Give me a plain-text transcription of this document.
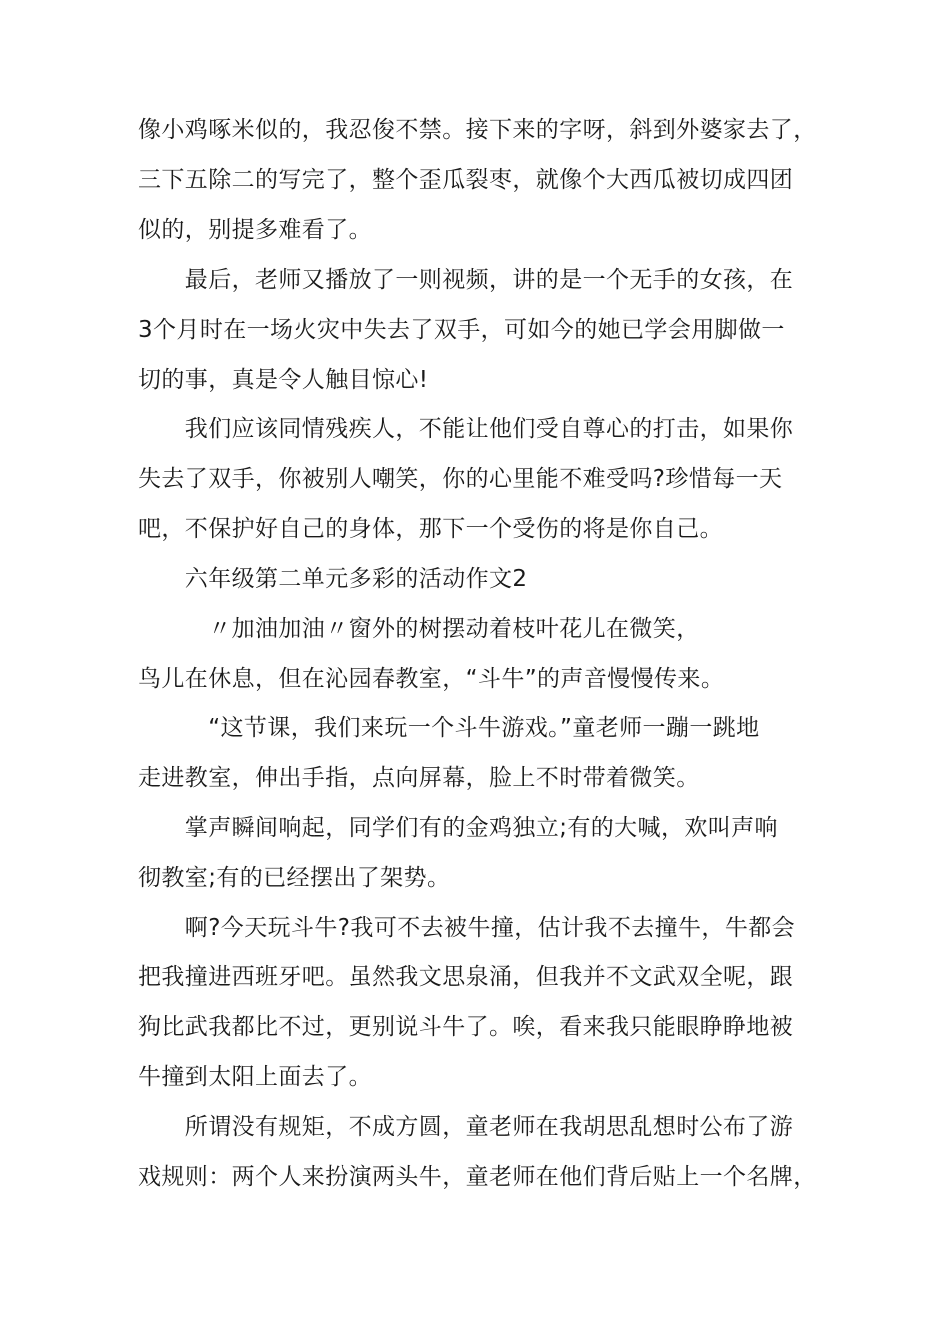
像小鸡啄米似的，我忍俊不禁。接下来的字呀，斜到外婆家去了，
三下五除二的写完了，整个歪瓜裂枣，就像个大西瓜被切成四团
似的，别提多难看了。
　　最后，老师又播放了一则视频，讲的是一个无手的女孩，在
3个月时在一场火灾中失去了双手，可如今的她已学会用脚做一
切的事，真是令人触目惊心!
　　我们应该同情残疾人，不能让他们受自尊心的打击，如果你
失去了双手，你被别人嘲笑，你的心里能不难受吗?珍惜每一天
吧，不保护好自己的身体，那下一个受伤的将是你自己。
　　六年级第二单元多彩的活动作文2
　　　〃加油加油〃窗外的树摆动着枝叶花儿在微笑，
鸟儿在休息，但在沁园春教室，“斗牛”的声音慢慢传来。
　　　“这节课，我们来玩一个斗牛游戏。”童老师一蹦一跳地
走进教室，伸出手指，点向屏幕，脸上不时带着微笑。
　　掌声瞬间响起，同学们有的金鸡独立;有的大喊，欢叫声响
彻教室;有的已经摆出了架势。
　　啊?今天玩斗牛?我可不去被牛撞，估计我不去撞牛，牛都会
把我撞进西班牙吧。虽然我文思泉涌，但我并不文武双全呢，跟
狗比武我都比不过，更别说斗牛了。唉，看来我只能眼睁睁地被
牛撞到太阳上面去了。
　　所谓没有规矩，不成方圆，童老师在我胡思乱想时公布了游
戏规则：两个人来扮演两头牛，童老师在他们背后贴上一个名牌，
